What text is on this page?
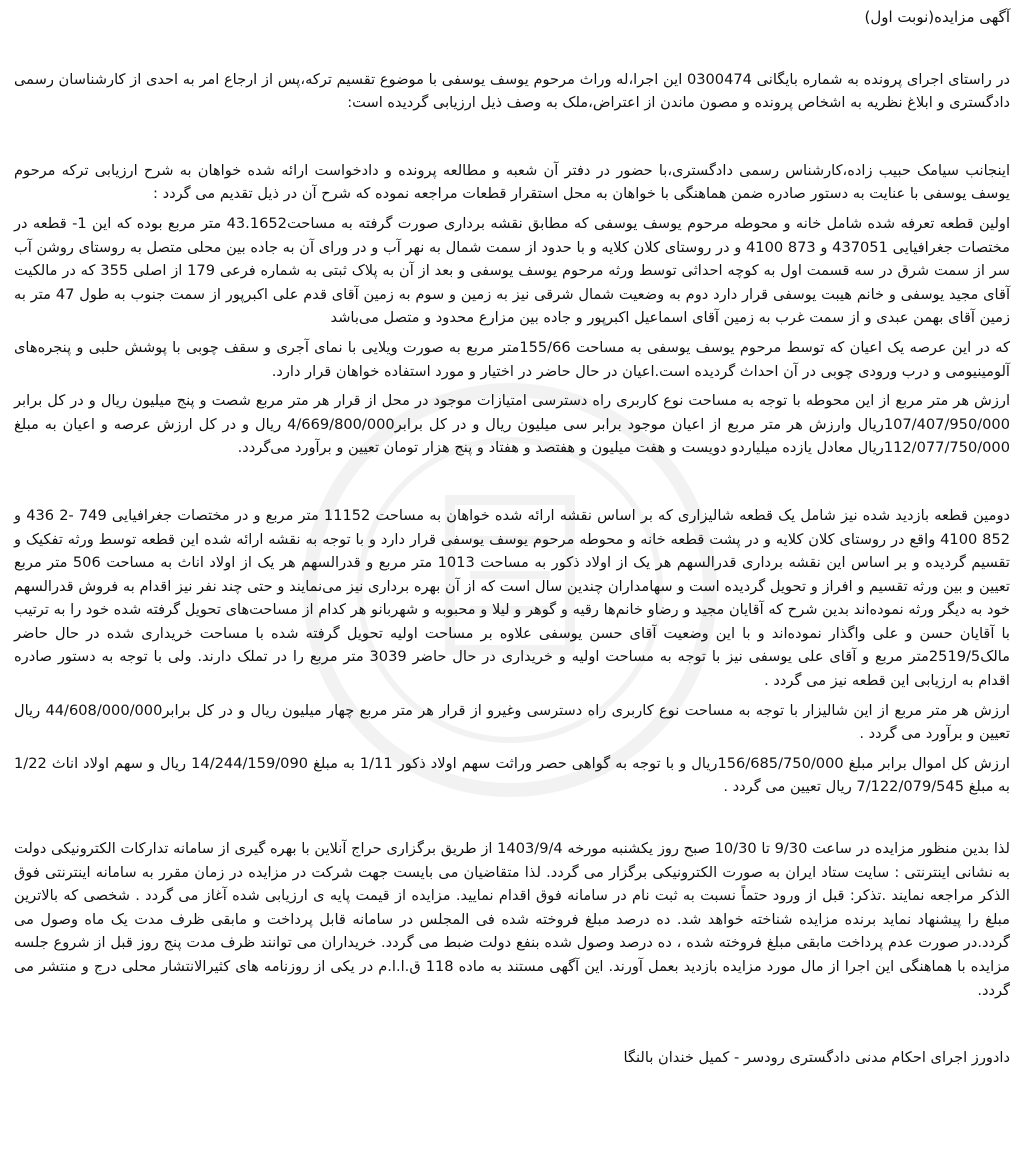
آگهی مزایده(نوبت اول)

در راستای اجرای پرونده به شماره بایگانی 0300474 این اجرا،له وراث مرحوم یوسف یوسفی با موضوع تقسیم ترکه،پس از ارجاع امر به احدی از کارشناسان رسمی دادگستری و ابلاغ نظریه به اشخاص پرونده و مصون ماندن از اعتراض،ملک به وصف ذیل ارزیابی گردیده است:

اینجانب سیامک حبیب زاده،کارشناس رسمی دادگستری،با حضور در دفتر آن شعبه و مطالعه پرونده و دادخواست ارائه شده خواهان به شرح ارزیابی ترکه مرحوم یوسف یوسفی با عنایت به دستور صادره ضمن هماهنگی با خواهان به محل استقرار قطعات مراجعه نموده که شرح آن در ذیل تقدیم می گردد :

اولین قطعه تعرفه شده شامل خانه و محوطه مرحوم یوسف یوسفی که مطابق نقشه برداری صورت گرفته به مساحت43.1652 متر مربع بوده که این 1- قطعه در مختصات جغرافیایی 437051 و 873 4100 و در روستای کلان کلایه و با حدود از سمت شمال به نهر آب و در ورای آن به جاده بین محلی متصل به روستای روشن آب سر از سمت شرق در سه قسمت اول به کوچه احداثی توسط ورثه مرحوم یوسف یوسفی و بعد از آن به پلاک ثبتی به شماره فرعی 179 از اصلی 355 که در مالکیت آقای مجید یوسفی و خانم هیبت یوسفی قرار دارد دوم به وضعیت شمال شرقی نیز به زمین و سوم به زمین آقای قدم علی اکبرپور از سمت جنوب به طول 47 متر به زمین آقای بهمن عبدی و از سمت غرب به زمین آقای اسماعیل اکبرپور و جاده بین مزارع محدود و متصل می‌باشد

که در این عرصه یک اعیان که توسط مرحوم یوسف یوسفی به مساحت 155/66متر مربع به صورت ویلایی با نمای آجری و سقف چوبی با پوشش حلبی و پنجره‌های آلومینیومی و درب ورودی چوبی در آن احداث گردیده است.اعیان در حال حاضر در اختیار و مورد استفاده خواهان قرار دارد.

ارزش هر متر مربع از این محوطه با توجه به مساحت نوع کاربری راه دسترسی امتیازات موجود در محل از قرار هر متر مربع شصت و پنج میلیون ریال و در کل برابر 107/407/950/000ریال وارزش هر متر مربع از اعیان موجود برابر سی میلیون ریال و در کل برابر4/669/800/000 ریال و در کل ارزش عرصه و اعیان به مبلغ 112/077/750/000ریال معادل یازده میلیاردو دویست و هفت میلیون و هفتصد و هفتاد و پنج هزار تومان تعیین و برآورد می‌گردد.

دومین قطعه بازدید شده نیز شامل یک قطعه شالیزاری که بر اساس نقشه ارائه شده خواهان به مساحت 11152 متر مربع و در مختصات جغرافیایی 749 -2 436 و 852 4100 واقع در روستای کلان کلایه و در پشت قطعه خانه و محوطه مرحوم یوسف یوسفی قرار دارد و با توجه به نقشه ارائه شده این قطعه توسط ورثه تفکیک و تقسیم گردیده و بر اساس این نقشه برداری قدرالسهم هر یک از اولاد ذکور به مساحت 1013 متر مربع و قدرالسهم هر یک از اولاد اناث به مساحت 506 متر مربع تعیین و بین ورثه تقسیم و افراز و تحویل گردیده است و سهامداران چندین سال است که از آن بهره برداری نیز می‌نمایند و حتی چند نفر نیز اقدام به فروش قدرالسهم خود به دیگر ورثه نموده‌اند بدین شرح که آقایان مجید و رضاو خانم‌ها رقیه و گوهر و لیلا و محبوبه و شهربانو هر کدام از مساحت‌های تحویل گرفته شده خود را به ترتیب با آقایان حسن و علی واگذار نموده‌اند و با این وضعیت آقای حسن یوسفی علاوه بر مساحت اولیه تحویل گرفته شده با مساحت خریداری شده در حال حاضر مالک2519/5متر مربع و آقای علی یوسفی نیز با توجه به مساحت اولیه و خریداری در حال حاضر 3039 متر مربع را در تملک دارند. ولی با توجه به دستور صادره اقدام به ارزیابی این قطعه نیز می گردد .

ارزش هر متر مربع از این شالیزار با توجه به مساحت نوع کاربری راه دسترسی وغیرو از قرار هر متر مربع چهار میلیون ریال و در کل برابر44/608/000/000 ریال تعیین و برآورد می گردد .

ارزش کل اموال برابر مبلغ 156/685/750/000ریال و با توجه به گواهی حصر وراثت سهم اولاد ذکور 1/11 به مبلغ 14/244/159/090 ریال و سهم اولاد اناث 1/22 به مبلغ 7/122/079/545 ریال تعیین می گردد .

لذا بدین منظور مزایده در ساعت 9/30 تا 10/30 صبح روز یکشنبه مورخه 1403/9/4 از طریق برگزاری حراج آنلاین با بهره گیری از سامانه تدارکات الکترونیکی دولت به نشانی اینترنتی : سایت ستاد ایران به صورت الکترونیکی برگزار می گردد. لذا متقاضیان می بایست جهت شرکت در مزایده در زمان مقرر به سامانه اینترنتی فوق الذکر مراجعه نمایند .تذکر: قبل از ورود حتماً نسبت به ثبت نام در سامانه فوق اقدام نمایید. مزایده از قیمت پایه ی ارزیابی شده آغاز می گردد . شخصی که بالاترین مبلغ را پیشنهاد نماید برنده مزایده شناخته خواهد شد. ده درصد مبلغ فروخته شده فی المجلس در سامانه قابل پرداخت و مابقی ظرف مدت یک ماه وصول می گردد.در صورت عدم پرداخت مابقی مبلغ فروخته شده ، ده درصد وصول شده بنفع دولت ضبط می گردد. خریداران می توانند ظرف مدت پنج روز قبل از شروع جلسه مزایده با هماهنگی این اجرا از مال مورد مزایده بازدید بعمل آورند. این آگهی مستند به ماده 118 ق.ا.ا.م در یکی از روزنامه های کثیرالانتشار محلی درج و منتشر می گردد.

دادورز اجرای احکام مدنی دادگستری رودسر - کمیل خندان بالنگا
